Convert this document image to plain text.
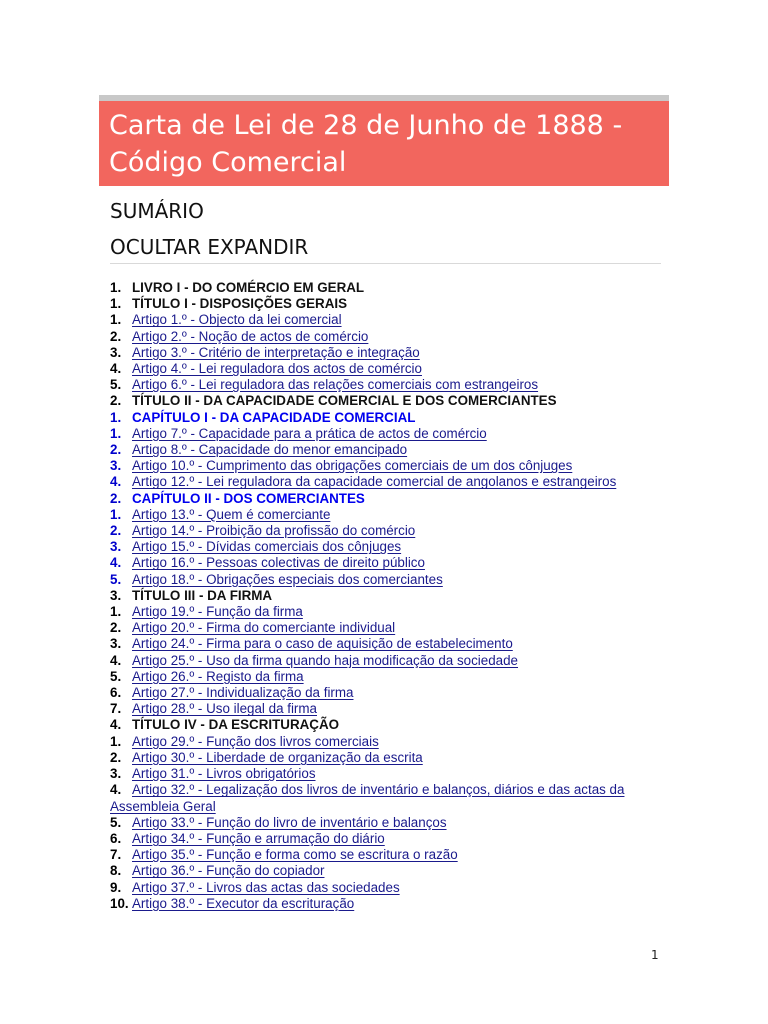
Carta de Lei de 28 de Junho de 1888 -
Código Comercial
SUMÁRIO
OCULTAR EXPANDIR
1. LIVRO I - DO COMÉRCIO EM GERAL
1. TÍTULO I - DISPOSIÇÕES GERAIS
1. Artigo 1.º - Objecto da lei comercial
2. Artigo 2.º - Noção de actos de comércio
3. Artigo 3.º - Critério de interpretação e integração
4. Artigo 4.º - Lei reguladora dos actos de comércio
5. Artigo 6.º - Lei reguladora das relações comerciais com estrangeiros
2. TÍTULO II - DA CAPACIDADE COMERCIAL E DOS COMERCIANTES
1. CAPÍTULO I - DA CAPACIDADE COMERCIAL
1. Artigo 7.º - Capacidade para a prática de actos de comércio
2. Artigo 8.º - Capacidade do menor emancipado
3. Artigo 10.º - Cumprimento das obrigações comerciais de um dos cônjuges
4. Artigo 12.º - Lei reguladora da capacidade comercial de angolanos e estrangeiros
2. CAPÍTULO II - DOS COMERCIANTES
1. Artigo 13.º - Quem é comerciante
2. Artigo 14.º - Proibição da profissão do comércio
3. Artigo 15.º - Dívidas comerciais dos cônjuges
4. Artigo 16.º - Pessoas colectivas de direito público
5. Artigo 18.º - Obrigações especiais dos comerciantes
3. TÍTULO III - DA FIRMA
1. Artigo 19.º - Função da firma
2. Artigo 20.º - Firma do comerciante individual
3. Artigo 24.º - Firma para o caso de aquisição de estabelecimento
4. Artigo 25.º - Uso da firma quando haja modificação da sociedade
5. Artigo 26.º - Registo da firma
6. Artigo 27.º - Individualização da firma
7. Artigo 28.º - Uso ilegal da firma
4. TÍTULO IV - DA ESCRITURAÇÃO
1. Artigo 29.º - Função dos livros comerciais
2. Artigo 30.º - Liberdade de organização da escrita
3. Artigo 31.º - Livros obrigatórios
4. Artigo 32.º - Legalização dos livros de inventário e balanços, diários e das actas da Assembleia Geral
5. Artigo 33.º - Função do livro de inventário e balanços
6. Artigo 34.º - Função e arrumação do diário
7. Artigo 35.º - Função e forma como se escritura o razão
8. Artigo 36.º - Função do copiador
9. Artigo 37.º - Livros das actas das sociedades
10. Artigo 38.º - Executor da escrituração
1
